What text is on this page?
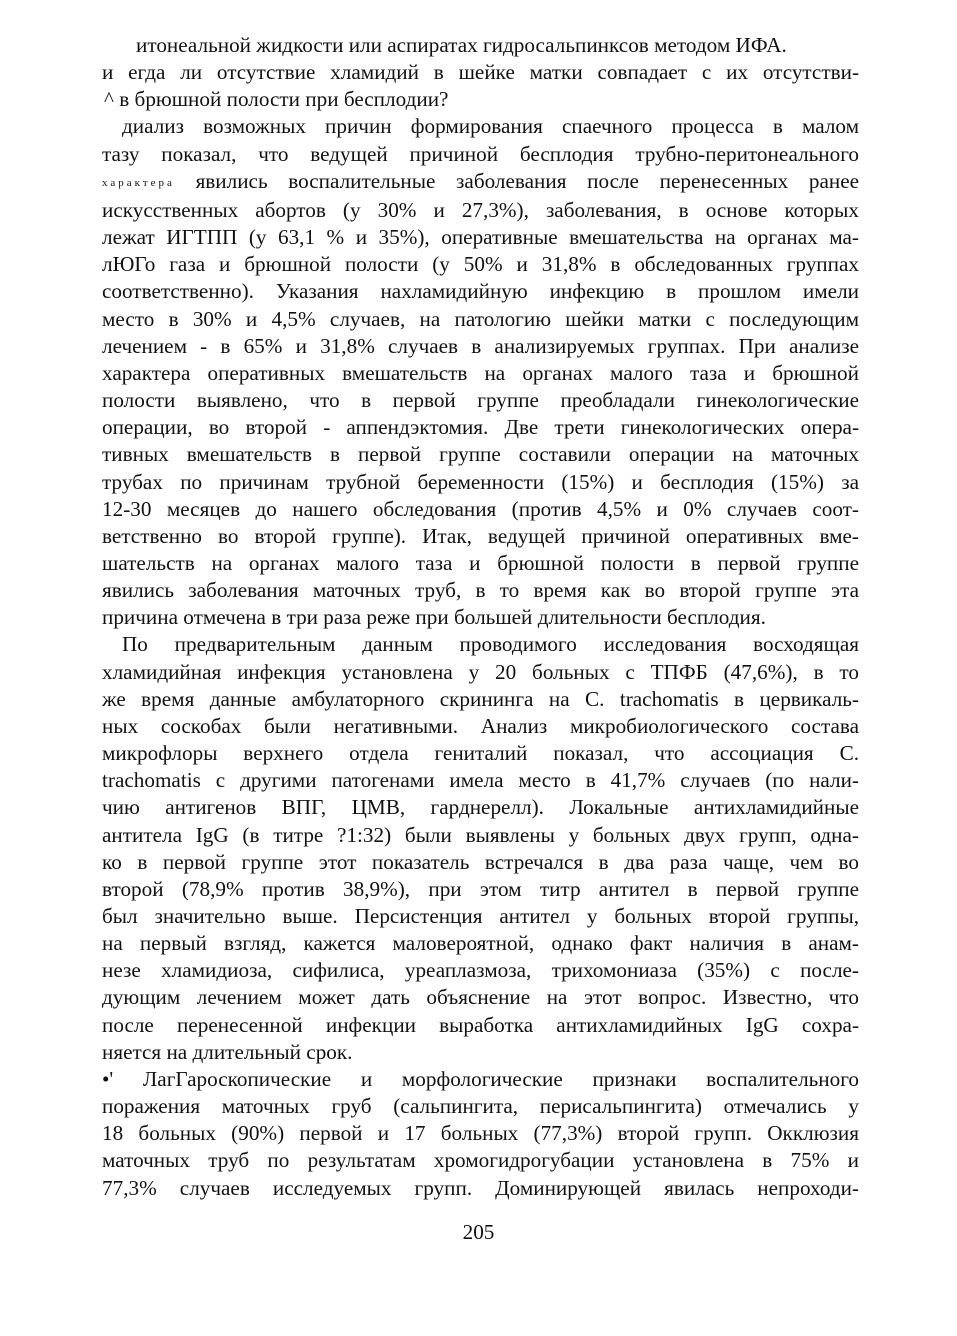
итонеальной жидкости или аспиратах гидросальпинксов методом ИФА.
и егда ли отсутствие хламидий в шейке матки совпадает с их отсутстви-
^ в брюшной полости при бесплодии?
диализ возможных причин формирования спаечного процесса в малом
тазу показал, что ведущей причиной бесплодия трубно-перитонеального
характера явились воспалительные заболевания после перенесенных ранее
искусственных абортов (у 30% и 27,3%), заболевания, в основе которых
лежат ИГТПП (у 63,1 % и 35%), оперативные вмешательства на органах ма-
лЮГо газа и брюшной полости (у 50% и 31,8% в обследованных группах
соответственно). Указания нахламидийную инфекцию в прошлом имели
место в 30% и 4,5% случаев, на патологию шейки матки с последующим
лечением - в 65% и 31,8% случаев в анализируемых группах. При анализе
характера оперативных вмешательств на органах малого таза и брюшной
полости выявлено, что в первой группе преобладали гинекологические
операции, во второй - аппендэктомия. Две трети гинекологических опера-
тивных вмешательств в первой группе составили операции на маточных
трубах по причинам трубной беременности (15%) и бесплодия (15%) за
12-30 месяцев до нашего обследования (против 4,5% и 0% случаев соот-
ветственно во второй группе). Итак, ведущей причиной оперативных вме-
шательств на органах малого таза и брюшной полости в первой группе
явились заболевания маточных труб, в то время как во второй группе эта
причина отмечена в три раза реже при большей длительности бесплодия.
По предварительным данным проводимого исследования восходящая
хламидийная инфекция установлена у 20 больных с ТПФБ (47,6%), в то
же время данные амбулаторного скрининга на С. trachomatis в цервикаль-
ных соскобах были негативными. Анализ микробиологического состава
микрофлоры верхнего отдела гениталий показал, что ассоциация С.
trachomatis с другими патогенами имела место в 41,7% случаев (по нали-
чию антигенов ВПГ, ЦМВ, гарднерелл). Локальные антихламидийные
антитела IgG (в титре ?1:32) были выявлены у больных двух групп, одна-
ко в первой группе этот показатель встречался в два раза чаще, чем во
второй (78,9% против 38,9%), при этом титр антител в первой группе
был значительно выше. Персистенция антител у больных второй группы,
на первый взгляд, кажется маловероятной, однако факт наличия в анам-
незе хламидиоза, сифилиса, уреаплазмоза, трихомониаза (35%) с после-
дующим лечением может дать объяснение на этот вопрос. Известно, что
после перенесенной инфекции выработка антихламидийных IgG сохра-
няется на длительный срок.
•' ЛагГароскопические и морфологические признаки воспалительного
поражения маточных груб (сальпингита, перисальпингита) отмечались у
18 больных (90%) первой и 17 больных (77,3%) второй групп. Окклюзия
маточных труб по результатам хромогидрогубации установлена в 75% и
77,3% случаев исследуемых групп. Доминирующей явилась непроходи-
205
